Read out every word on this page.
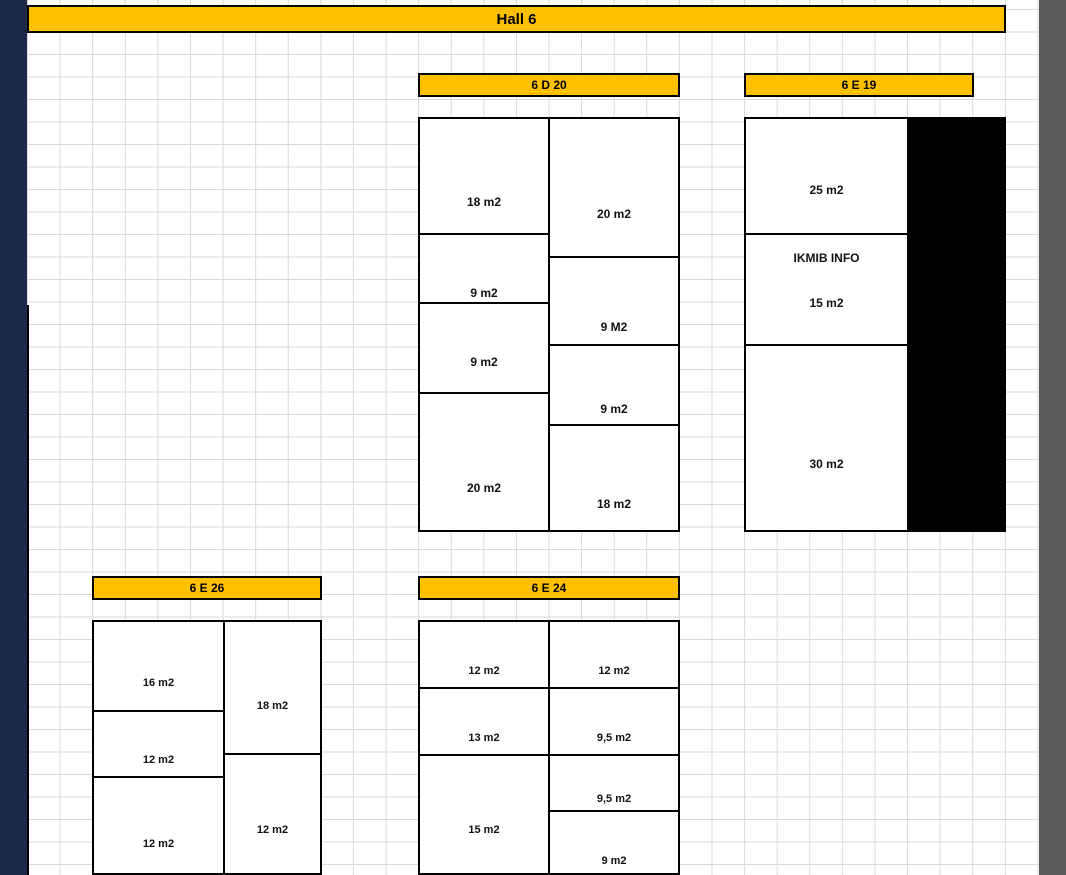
Hall 6
6 D 20
18 m2
20 m2
9 m2
9 M2
9 m2
9 m2
20 m2
18 m2
6 E 19
25 m2
IKMIB INFO
15 m2
30 m2
6 E 26
16 m2
18 m2
12 m2
12 m2
12 m2
6 E 24
12 m2	12 m2
13 m2	9,5 m2
15 m2
9,5 m2
9 m2
